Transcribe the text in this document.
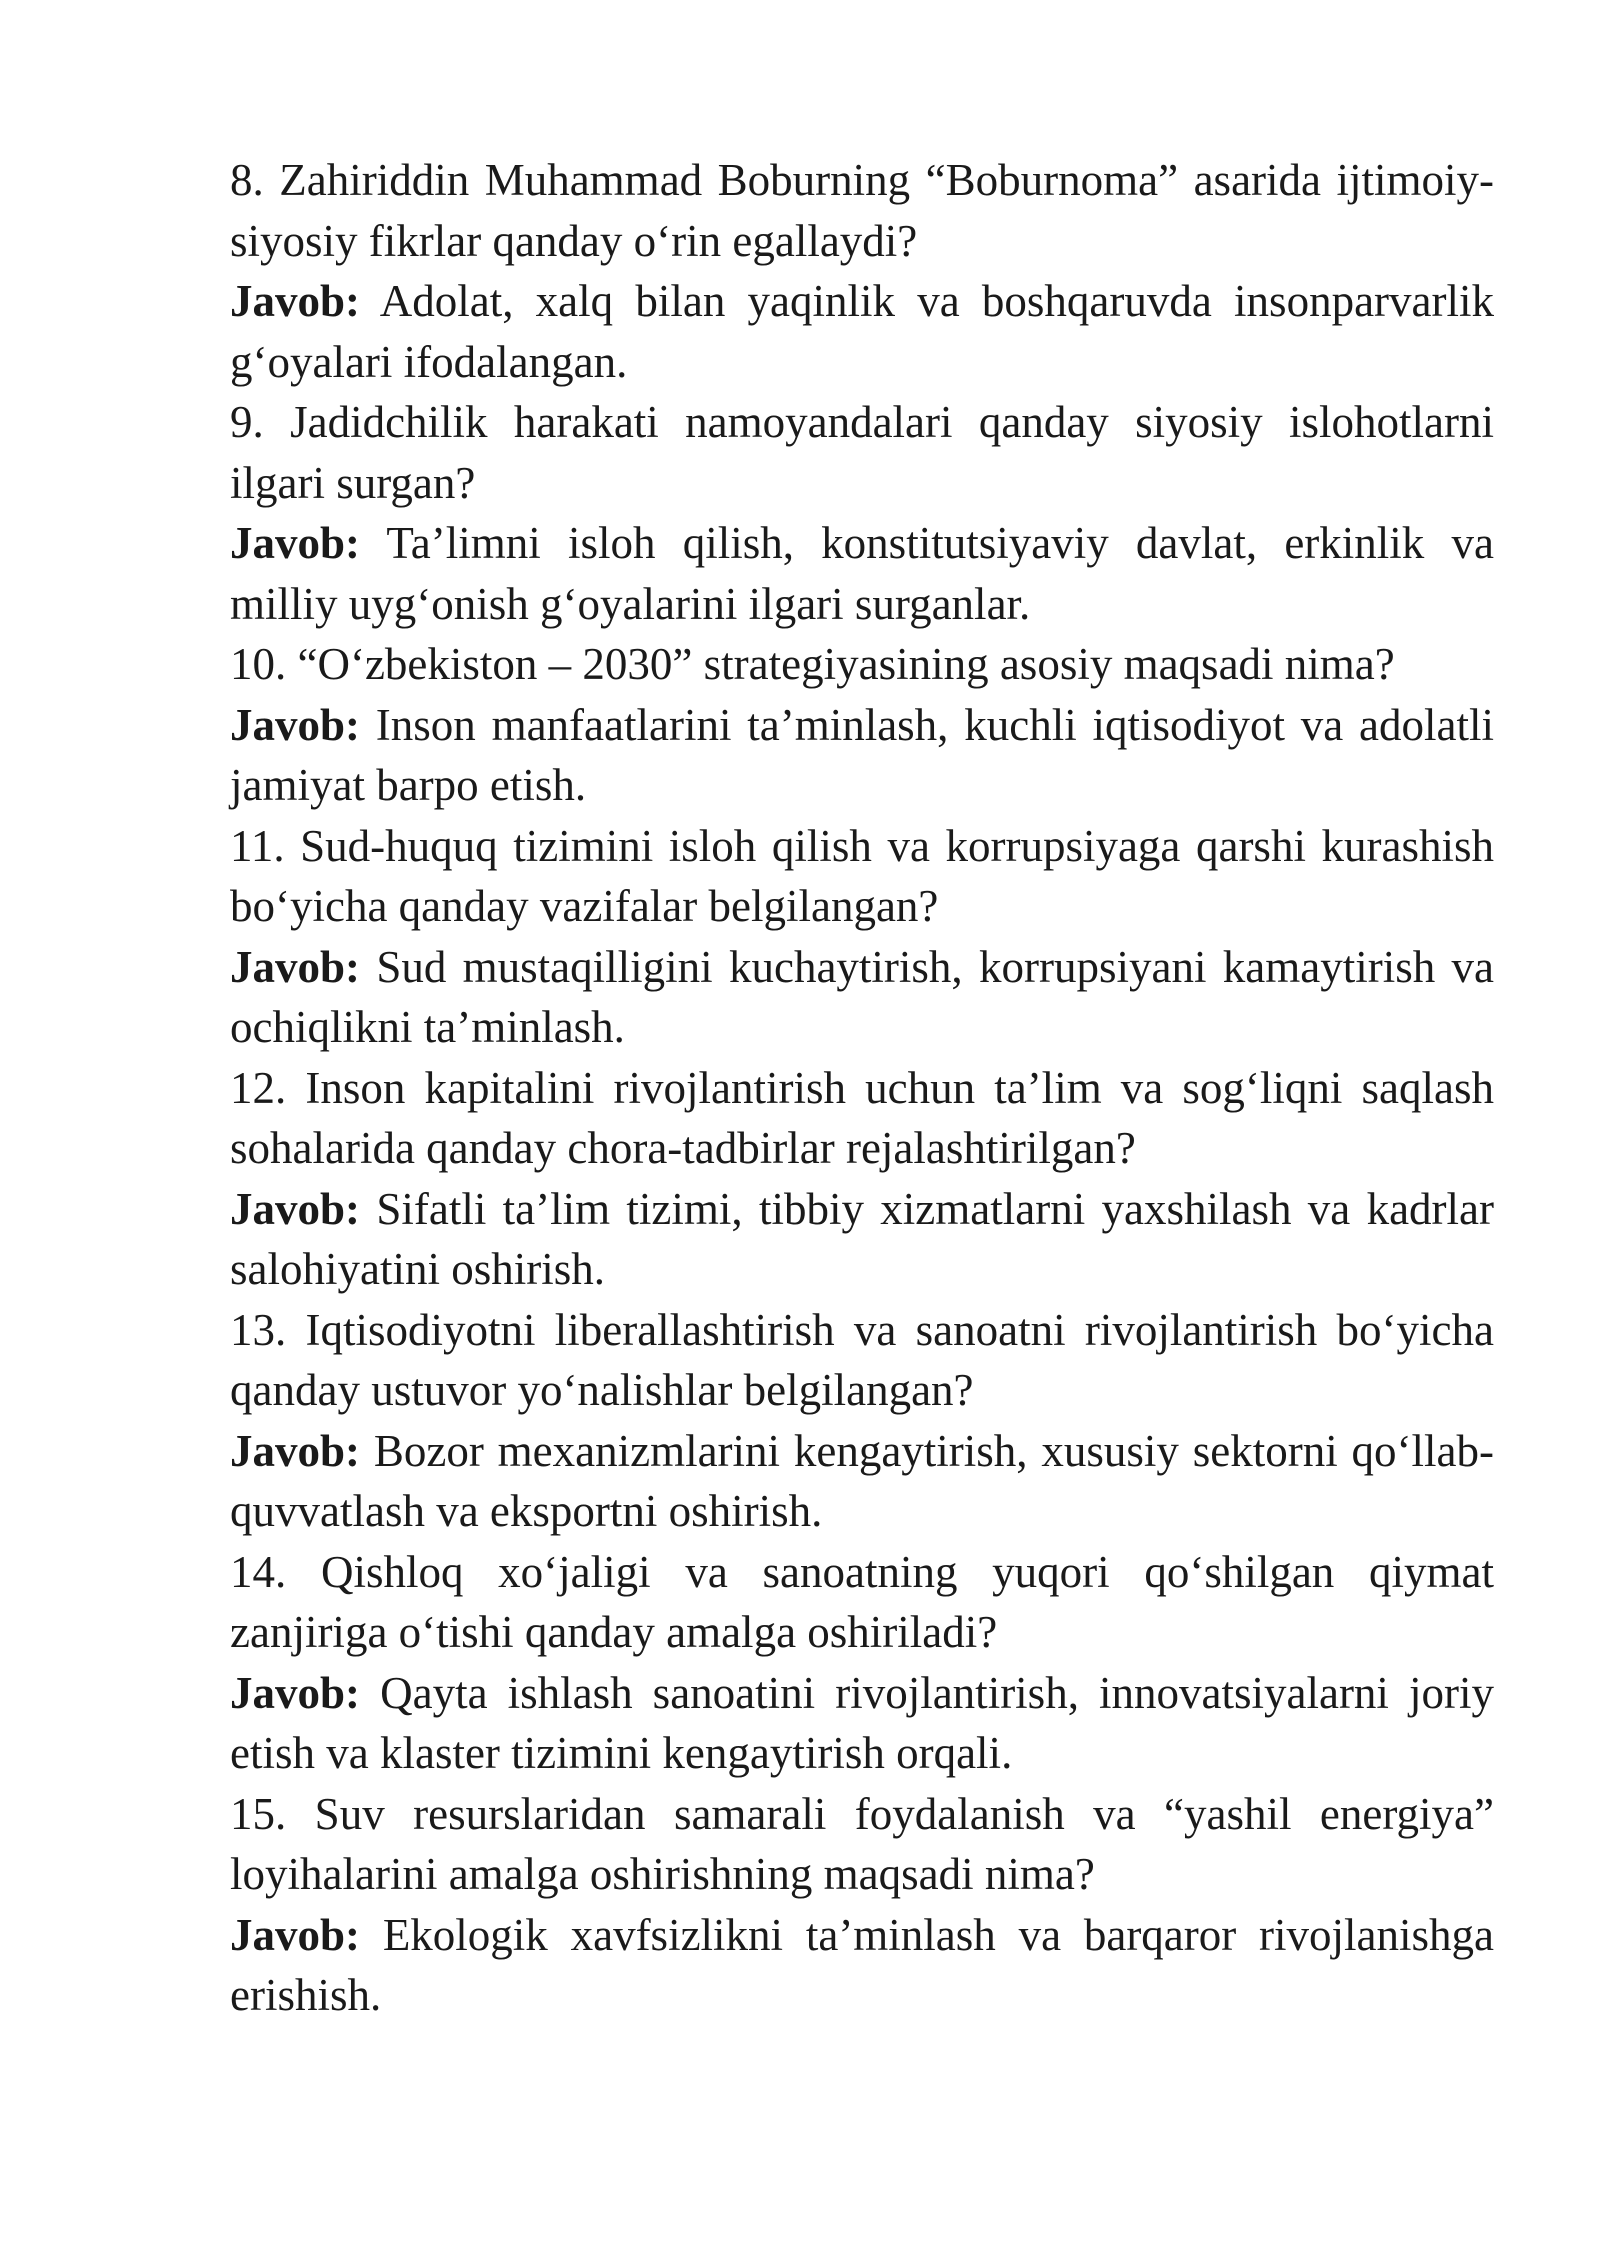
8. Zahiriddin Muhammad Boburning “Boburnoma” asarida ijtimoiy-siyosiy fikrlar qanday o‘rin egallaydi?

Javob: Adolat, xalq bilan yaqinlik va boshqaruvda insonparvarlik g‘oyalari ifodalangan.

9. Jadidchilik harakati namoyandalari qanday siyosiy islohotlarni ilgari surgan?

Javob: Ta’limni isloh qilish, konstitutsiyaviy davlat, erkinlik va milliy uyg‘onish g‘oyalarini ilgari surganlar.

10. “O‘zbekiston – 2030” strategiyasining asosiy maqsadi nima?

Javob: Inson manfaatlarini ta’minlash, kuchli iqtisodiyot va adolatli jamiyat barpo etish.

11. Sud-huquq tizimini isloh qilish va korrupsiyaga qarshi kurashish bo‘yicha qanday vazifalar belgilangan?

Javob: Sud mustaqilligini kuchaytirish, korrupsiyani kamaytirish va ochiqlikni ta’minlash.

12. Inson kapitalini rivojlantirish uchun ta’lim va sog‘liqni saqlash sohalarida qanday chora-tadbirlar rejalashtirilgan?

Javob: Sifatli ta’lim tizimi, tibbiy xizmatlarni yaxshilash va kadrlar salohiyatini oshirish.

13. Iqtisodiyotni liberallashtirish va sanoatni rivojlantirish bo‘yicha qanday ustuvor yo‘nalishlar belgilangan?

Javob: Bozor mexanizmlarini kengaytirish, xususiy sektorni qo‘llab-quvvatlash va eksportni oshirish.

14. Qishloq xo‘jaligi va sanoatning yuqori qo‘shilgan qiymat zanjiriga o‘tishi qanday amalga oshiriladi?

Javob: Qayta ishlash sanoatini rivojlantirish, innovatsiyalarni joriy etish va klaster tizimini kengaytirish orqali.

15. Suv resurslaridan samarali foydalanish va “yashil energiya” loyihalarini amalga oshirishning maqsadi nima?

Javob: Ekologik xavfsizlikni ta’minlash va barqaror rivojlanishga erishish.
